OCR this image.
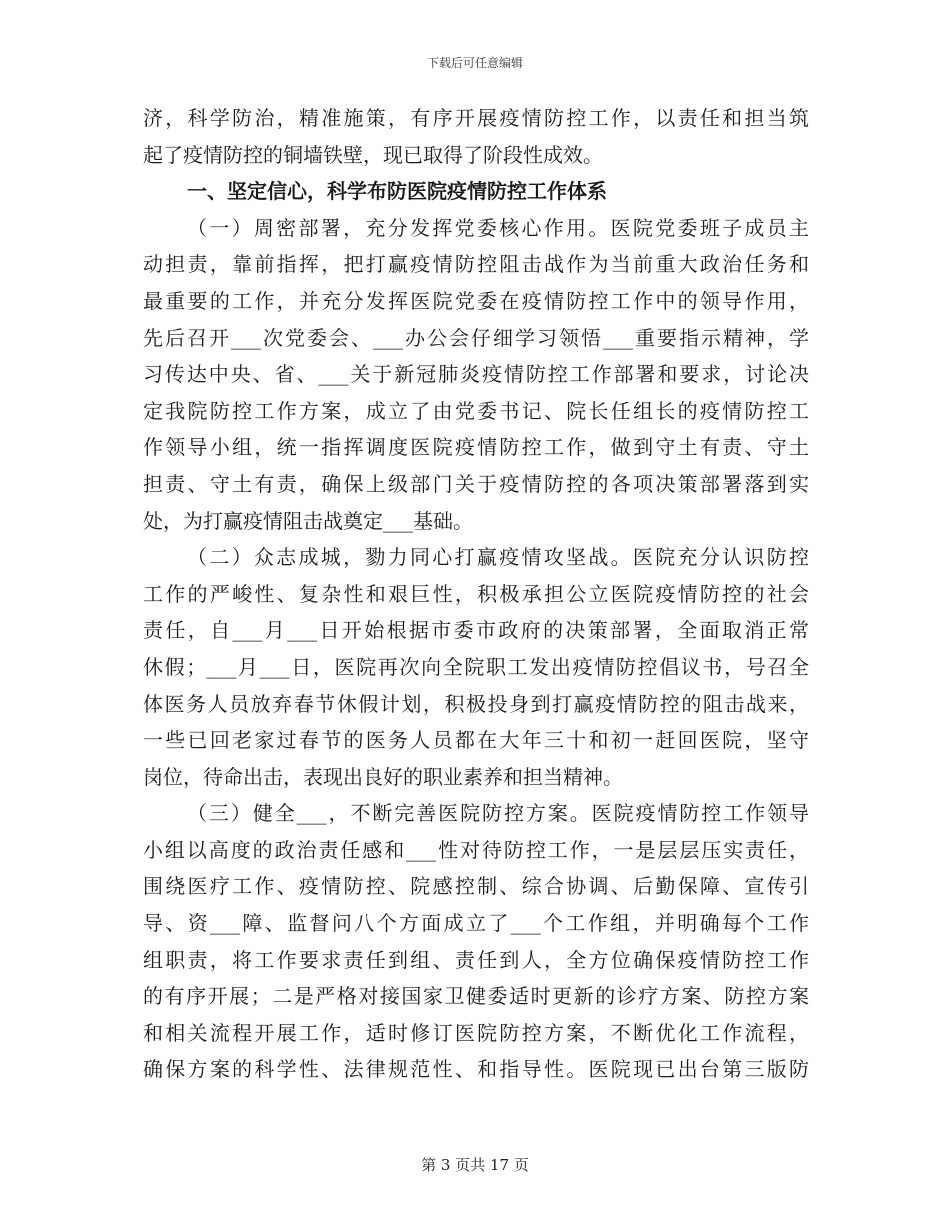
下载后可任意编辑
济，科学防治，精准施策，有序开展疫情防控工作，以责任和担当筑
起了疫情防控的铜墙铁壁，现已取得了阶段性成效。
一、坚定信心，科学布防医院疫情防控工作体系
（一）周密部署，充分发挥党委核心作用。医院党委班子成员主
动担责，靠前指挥，把打赢疫情防控阻击战作为当前重大政治任务和
最重要的工作，并充分发挥医院党委在疫情防控工作中的领导作用，
先后召开___次党委会、___办公会仔细学习领悟___重要指示精神，学
习传达中央、省、___关于新冠肺炎疫情防控工作部署和要求，讨论决
定我院防控工作方案，成立了由党委书记、院长任组长的疫情防控工
作领导小组，统一指挥调度医院疫情防控工作，做到守土有责、守土
担责、守土有责，确保上级部门关于疫情防控的各项决策部署落到实
处，为打赢疫情阻击战奠定___基础。
（二）众志成城，勠力同心打赢疫情攻坚战。医院充分认识防控
工作的严峻性、复杂性和艰巨性，积极承担公立医院疫情防控的社会
责任，自___月___日开始根据市委市政府的决策部署，全面取消正常
休假；___月___日，医院再次向全院职工发出疫情防控倡议书，号召全
体医务人员放弃春节休假计划，积极投身到打赢疫情防控的阻击战来，
一些已回老家过春节的医务人员都在大年三十和初一赶回医院，坚守
岗位，待命出击，表现出良好的职业素养和担当精神。
（三）健全___，不断完善医院防控方案。医院疫情防控工作领导
小组以高度的政治责任感和___性对待防控工作，一是层层压实责任，
围绕医疗工作、疫情防控、院感控制、综合协调、后勤保障、宣传引
导、资___障、监督问八个方面成立了___个工作组，并明确每个工作
组职责，将工作要求责任到组、责任到人，全方位确保疫情防控工作
的有序开展；二是严格对接国家卫健委适时更新的诊疗方案、防控方案
和相关流程开展工作，适时修订医院防控方案，不断优化工作流程，
确保方案的科学性、法律规范性、和指导性。医院现已出台第三版防
第 3 页共 17 页
